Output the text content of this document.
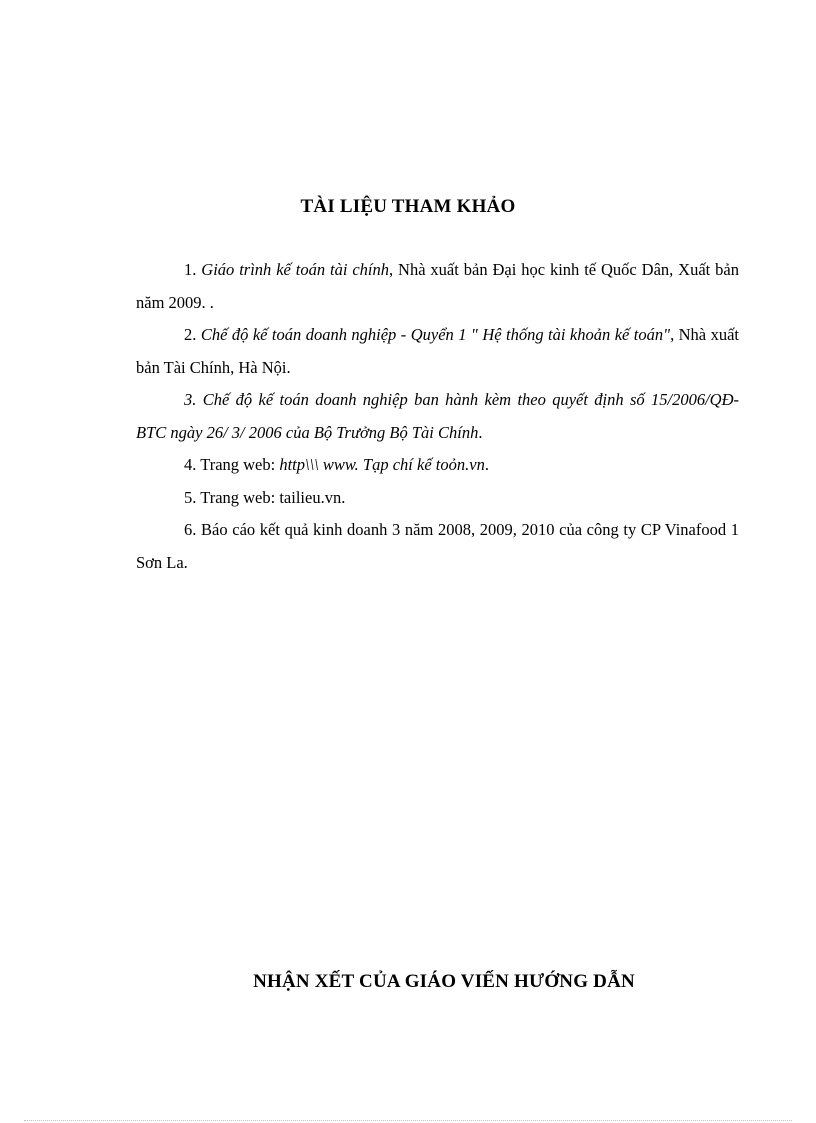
TÀI LIỆU THAM KHẢO

1. Giáo trình kế toán tài chính, Nhà xuất bản Đại học kinh tế Quốc Dân, Xuất bản năm 2009. .

2. Chế độ kế toán doanh nghiệp - Quyển 1 " Hệ thống tài khoản kế toán", Nhà xuất bản Tài Chính, Hà Nội.

3. Chế độ kế toán doanh nghiệp ban hành kèm theo quyết định số 15/2006/QĐ- BTC ngày 26/ 3/ 2006 của Bộ Trưởng Bộ Tài Chính.

4. Trang web: http\\\ www. Tạp chí kế toỏn.vn.

5. Trang web: tailieu.vn.

6. Báo cáo kết quả kinh doanh 3 năm 2008, 2009, 2010 của công ty CP Vinafood 1 Sơn La.

NHẬN XẾT CỦA GIÁO VIẾN HƯỚNG DẪN
